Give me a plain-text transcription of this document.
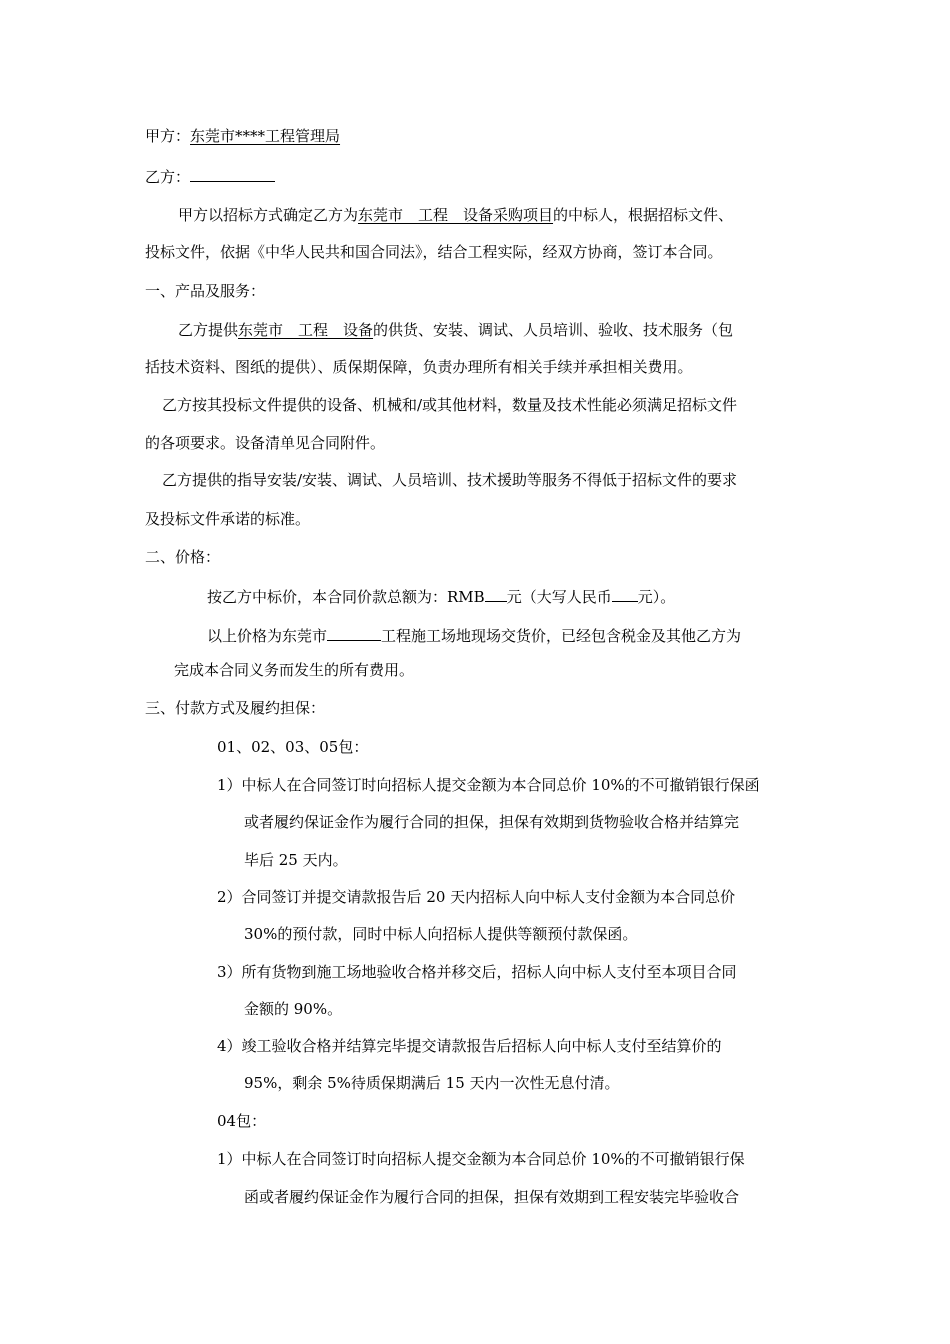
甲方：东莞市****工程管理局
乙方：
甲方以招标方式确定乙方为东莞市　工程　设备采购项目的中标人，根据招标文件、
投标文件，依据《中华人民共和国合同法》，结合工程实际，经双方协商，签订本合同。
一、产品及服务：
乙方提供东莞市　工程　设备的供货、安装、调试、人员培训、验收、技术服务（包
括技术资料、图纸的提供）、质保期保障，负责办理所有相关手续并承担相关费用。
乙方按其投标文件提供的设备、机械和/或其他材料，数量及技术性能必须满足招标文件
的各项要求。设备清单见合同附件。
乙方提供的指导安装/安装、调试、人员培训、技术援助等服务不得低于招标文件的要求
及投标文件承诺的标准。
二、价格：
按乙方中标价，本合同价款总额为：RMB 元（大写人民币 元）。
以上价格为东莞市	工程施工场地现场交货价，已经包含税金及其他乙方为
完成本合同义务而发生的所有费用。
三、付款方式及履约担保：
01、02、03、05包：
1）中标人在合同签订时向招标人提交金额为本合同总价 10%的不可撤销银行保函
或者履约保证金作为履行合同的担保，担保有效期到货物验收合格并结算完
毕后 25 天内。
2）合同签订并提交请款报告后 20 天内招标人向中标人支付金额为本合同总价
30%的预付款，同时中标人向招标人提供等额预付款保函。
3）所有货物到施工场地验收合格并移交后，招标人向中标人支付至本项目合同
金额的 90%。
4）竣工验收合格并结算完毕提交请款报告后招标人向中标人支付至结算价的
95%，剩余 5%待质保期满后 15 天内一次性无息付清。
04包：
1）中标人在合同签订时向招标人提交金额为本合同总价 10%的不可撤销银行保
函或者履约保证金作为履行合同的担保，担保有效期到工程安装完毕验收合
